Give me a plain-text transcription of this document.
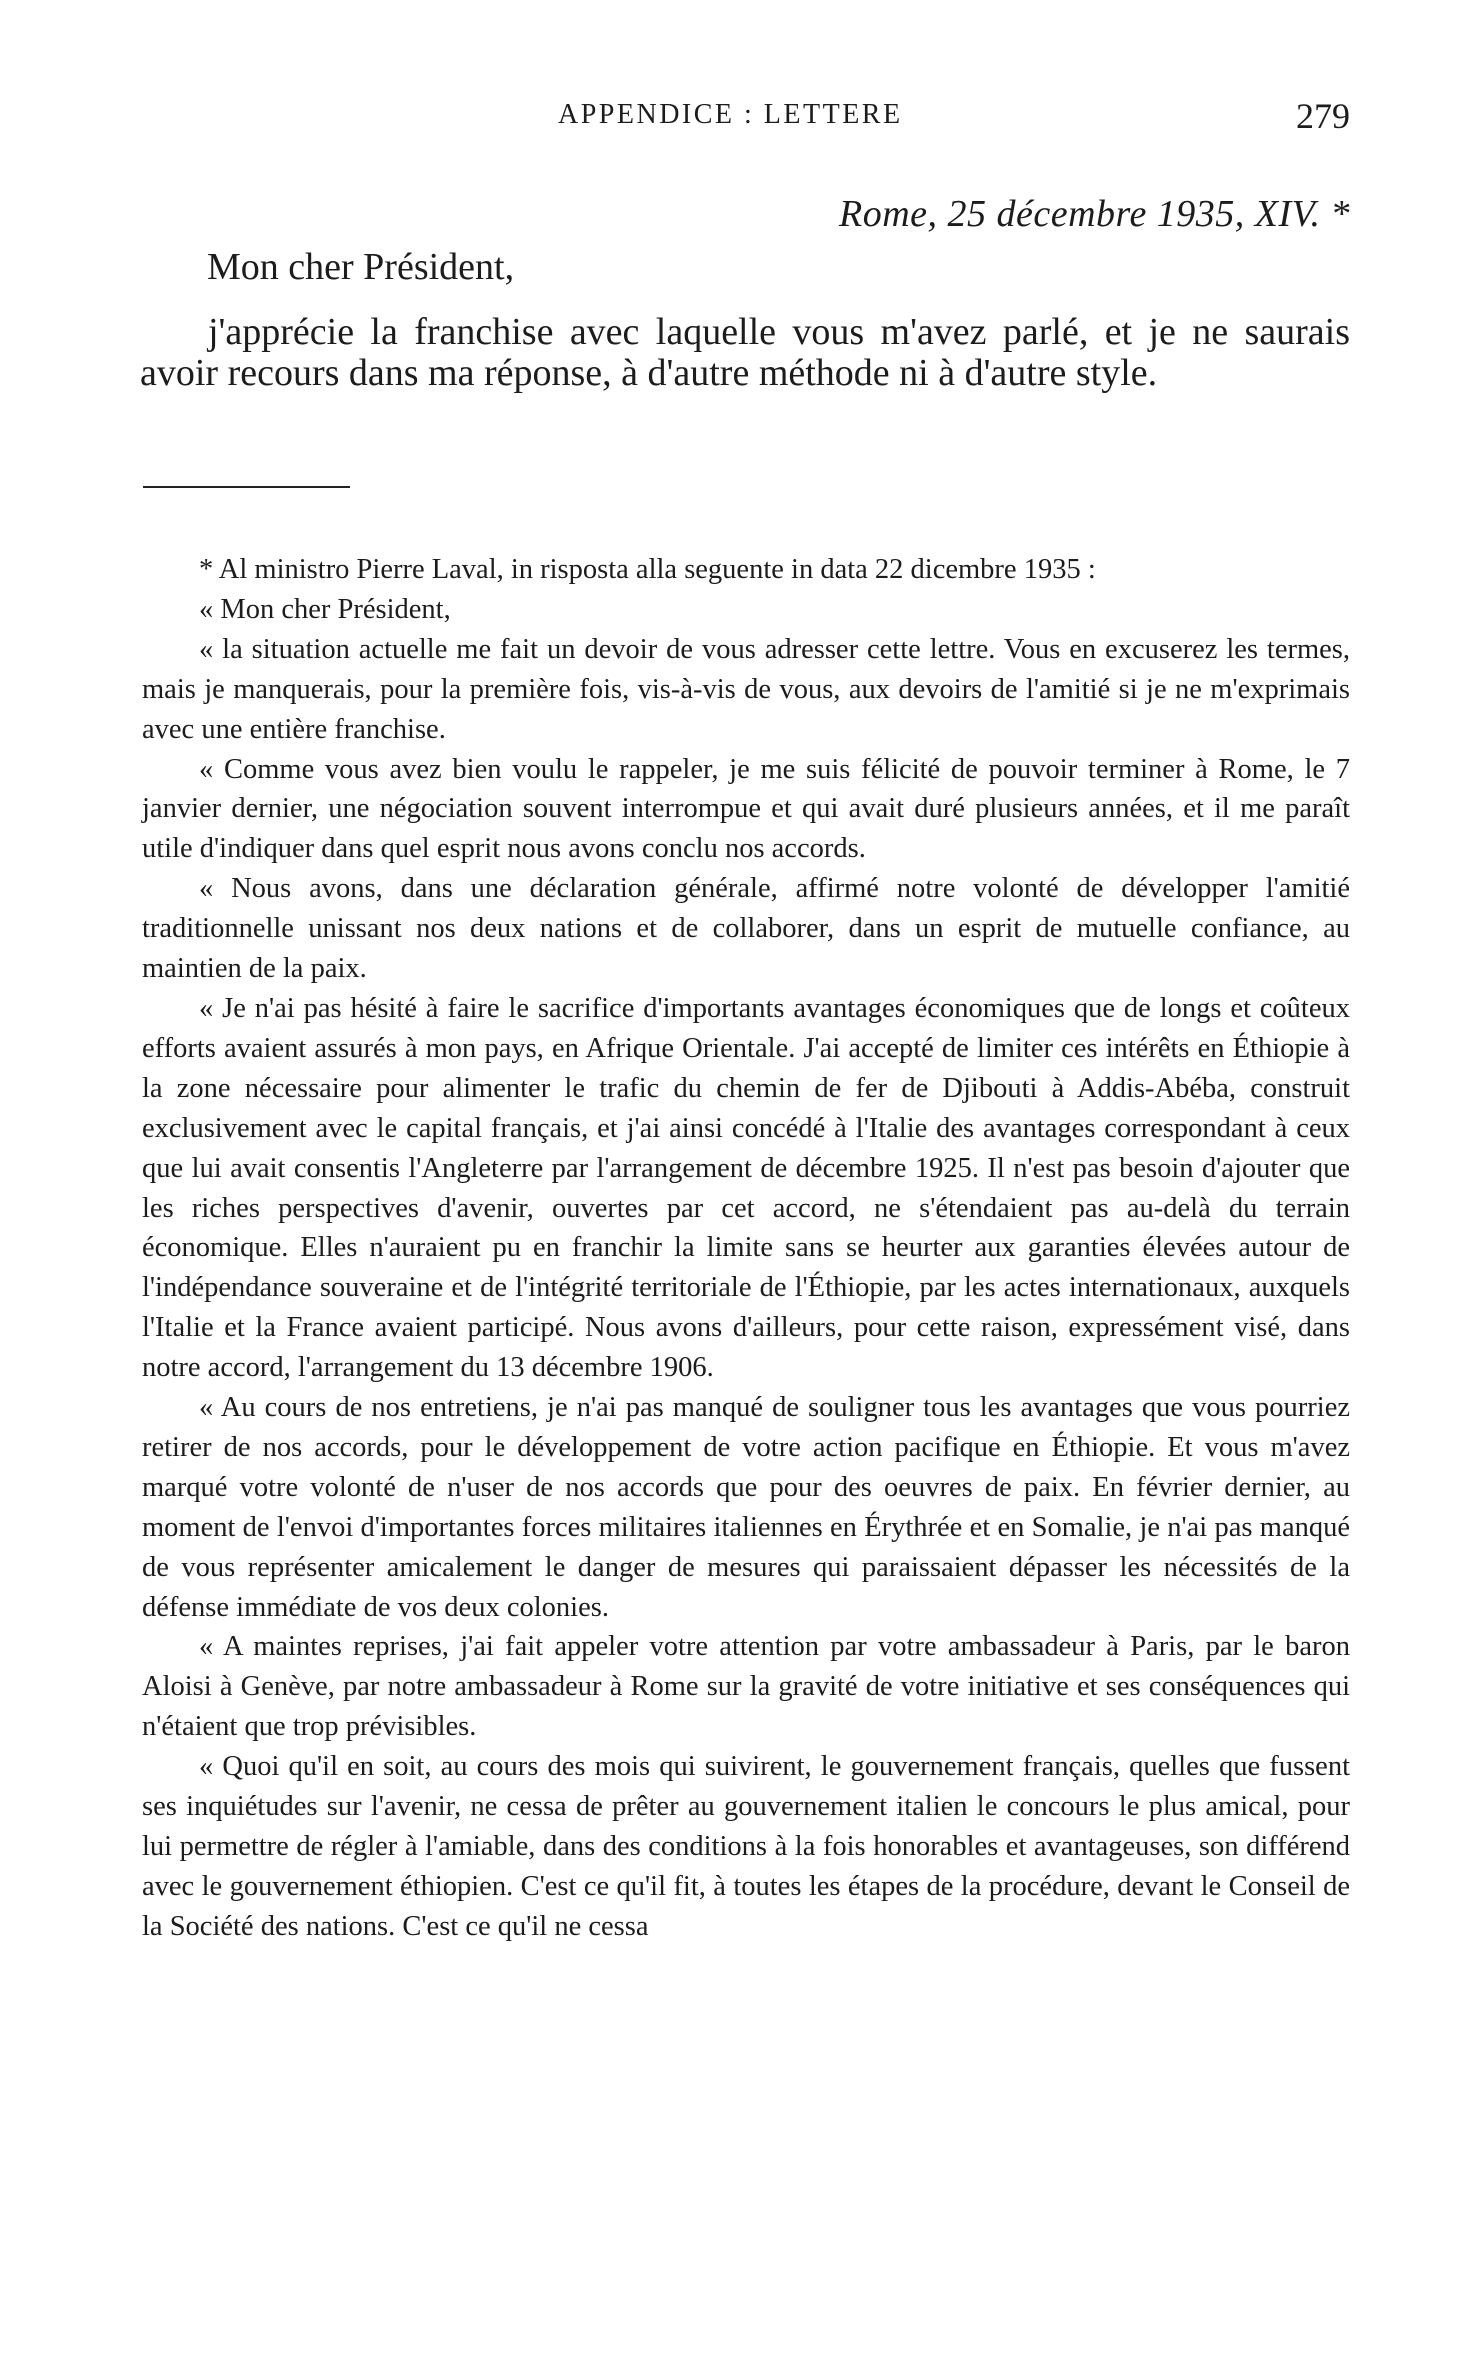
APPENDICE : LETTERE	279
Rome, 25 décembre 1935, XIV. *
Mon cher Président,

j'apprécie la franchise avec laquelle vous m'avez parlé, et je ne saurais avoir recours dans ma réponse, à d'autre méthode ni à d'autre style.

* Al ministro Pierre Laval, in risposta alla seguente in data 22 dicembre 1935 :

« Mon cher Président,

« la situation actuelle me fait un devoir de vous adresser cette lettre. Vous en excuserez les termes, mais je manquerais, pour la première fois, vis-à-vis de vous, aux devoirs de l'amitié si je ne m'exprimais avec une entière franchise.

« Comme vous avez bien voulu le rappeler, je me suis félicité de pouvoir terminer à Rome, le 7 janvier dernier, une négociation souvent interrompue et qui avait duré plusieurs années, et il me paraît utile d'indiquer dans quel esprit nous avons conclu nos accords.

« Nous avons, dans une déclaration générale, affirmé notre volonté de développer l'amitié traditionnelle unissant nos deux nations et de collaborer, dans un esprit de mutuelle confiance, au maintien de la paix.

« Je n'ai pas hésité à faire le sacrifice d'importants avantages économiques que de longs et coûteux efforts avaient assurés à mon pays, en Afrique Orientale. J'ai accepté de limiter ces intérêts en Éthiopie à la zone nécessaire pour alimenter le trafic du chemin de fer de Djibouti à Addis-Abéba, construit exclusivement avec le capital français, et j'ai ainsi concédé à l'Italie des avantages correspondant à ceux que lui avait consentis l'Angleterre par l'arrangement de décembre 1925. Il n'est pas besoin d'ajouter que les riches perspectives d'avenir, ouvertes par cet accord, ne s'étendaient pas au-delà du terrain économique. Elles n'auraient pu en franchir la limite sans se heurter aux garanties élevées autour de l'indépendance souveraine et de l'intégrité territoriale de l'Éthiopie, par les actes internationaux, auxquels l'Italie et la France avaient participé. Nous avons d'ailleurs, pour cette raison, expressément visé, dans notre accord, l'arrangement du 13 décembre 1906.

« Au cours de nos entretiens, je n'ai pas manqué de souligner tous les avantages que vous pourriez retirer de nos accords, pour le développement de votre action pacifique en Éthiopie. Et vous m'avez marqué votre volonté de n'user de nos accords que pour des oeuvres de paix. En février dernier, au moment de l'envoi d'importantes forces militaires italiennes en Érythrée et en Somalie, je n'ai pas manqué de vous représenter amicalement le danger de mesures qui paraissaient dépasser les nécessités de la défense immédiate de vos deux colonies.

« A maintes reprises, j'ai fait appeler votre attention par votre ambassadeur à Paris, par le baron Aloisi à Genève, par notre ambassadeur à Rome sur la gravité de votre initiative et ses conséquences qui n'étaient que trop prévisibles.

« Quoi qu'il en soit, au cours des mois qui suivirent, le gouvernement français, quelles que fussent ses inquiétudes sur l'avenir, ne cessa de prêter au gouvernement italien le concours le plus amical, pour lui permettre de régler à l'amiable, dans des conditions à la fois honorables et avantageuses, son différend avec le gouvernement éthiopien. C'est ce qu'il fit, à toutes les étapes de la procédure, devant le Conseil de la Société des nations. C'est ce qu'il ne cessa
